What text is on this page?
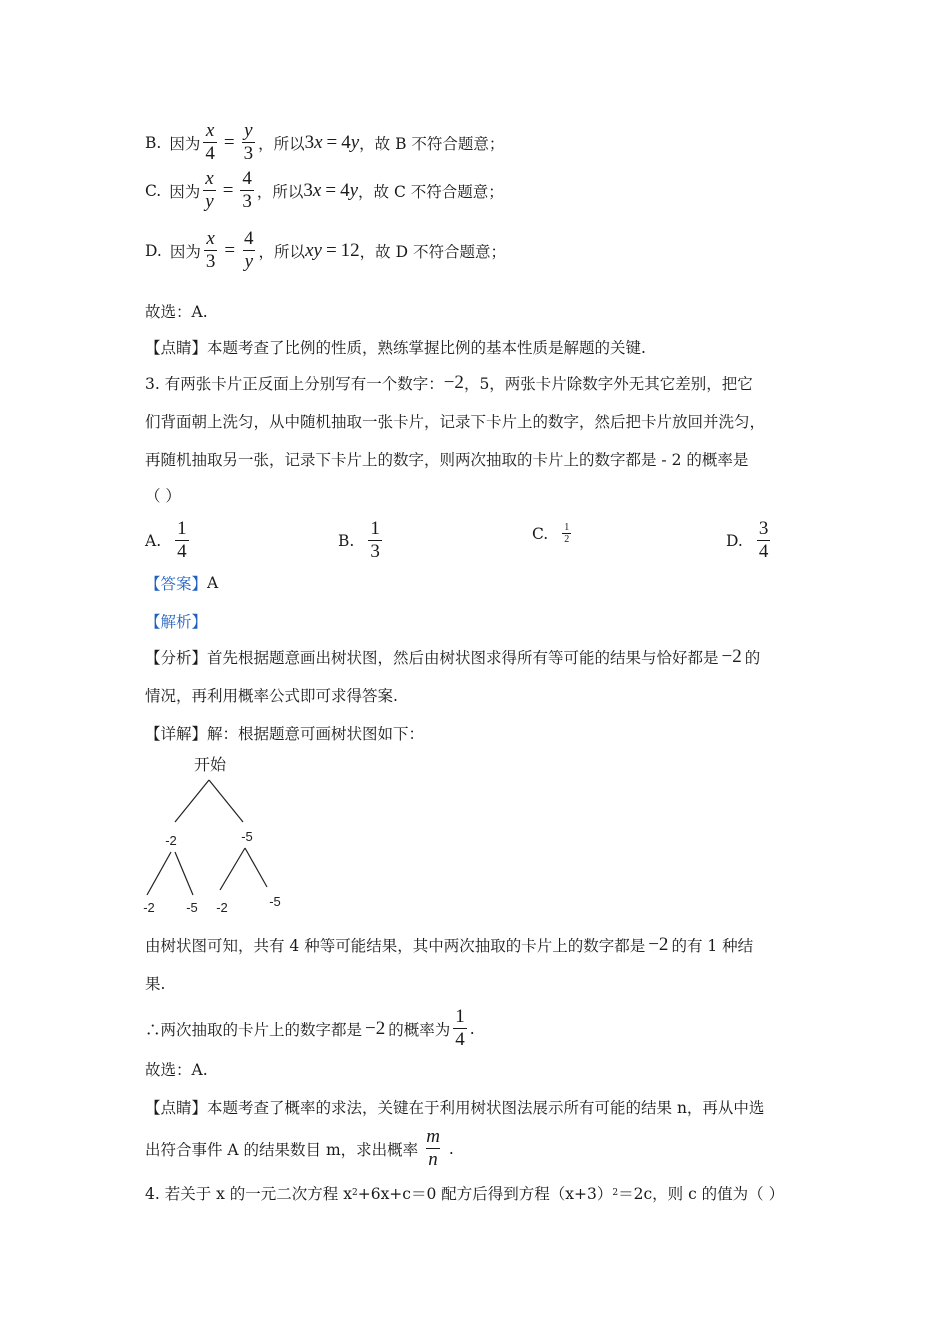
B. 因为 $\frac{x}{4} = \frac{y}{3}$ ，所以 3 x = 4 y ，故 B 不符合题意；
C. 因为 $\frac{x}{y} = \frac{4}{3}$ ，所以 3 x = 4 y ，故 C 不符合题意；
D. 因为 $\frac{x}{3} = \frac{4}{y}$ ，所以 xy = 12 ，故 D 不符合题意；
故选：A.
【点睛】 本题考查了比例的性质，熟练掌握比例的基本性质是解题的关键.
3. 有两张卡片正反面上分别写有一个数字： −2 ，5，两张卡片除数字外无其它差别，把它
们背面朝上洗匀，从中随机抽取一张卡片，记录下卡片上的数字，然后把卡片放回并洗匀，
再随机抽取另一张，记录下卡片上的数字，则两次抽取的卡片上的数字都是 - 2 的概率是
（ ）
A. $\frac{1}{4}$	B. $\frac{1}{3}$	C. $\frac{1}{2}$	D. $\frac{3}{4}$
【答案】 A
【解析】
【分析】 首先根据题意画出树状图，然后由树状图求得所有等可能的结果与恰好都是 −2 的
情况，再利用概率公式即可求得答案.
【详解】 解：根据题意可画树状图如下：
开始
-2	-5
-2 -5 -2	-5
由树状图可知，共有 4 种等可能结果，其中两次抽取的卡片上的数字都是 −2 的有 1 种结
果.
∴两次抽取的卡片上的数字都是 −2 的概率为 $\frac{1}{4}$ .
故选：A.
【点睛】 本题考查了概率的求法，关键在于利用树状图法展示所有可能的结果 n，再从中选
出符合事件 A 的结果数目 m，求出概率 $\frac{m}{n}$ .
4. 若关于 x 的一元二次方程 x 2 +6x+c＝0 配方后得到方程（x+3） 2 ＝2c，则 c 的值为（ ）
